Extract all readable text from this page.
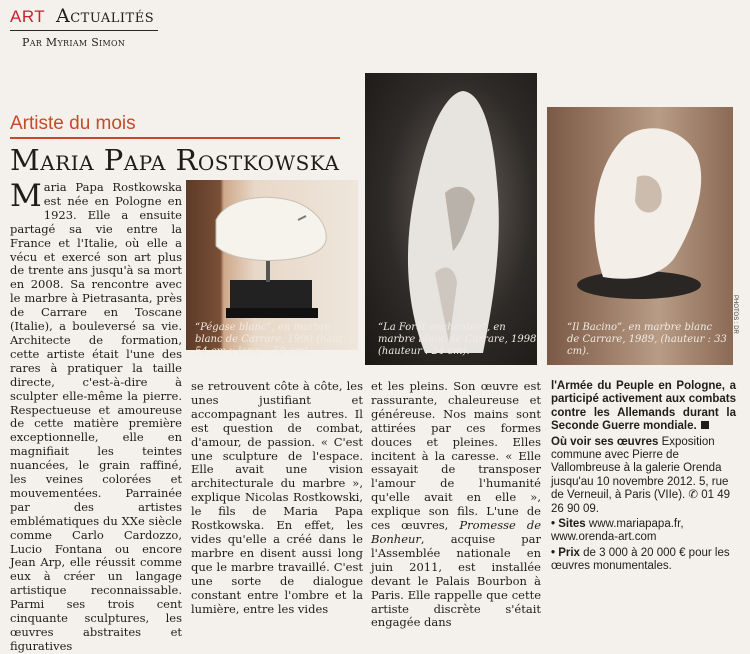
ART Actualités
Par Myriam Simon
Artiste du mois
Maria Papa Rostkowska
“Pégase blanc”, en marbre blanc de Carrare, 1990 (haut. : 54 cm x long. : 50 cm).
“La Forêt enchantée”, en marbre blanc de Carrare, 1998 (hauteur : 24 cm).
“Il Bacino”, en marbre blanc de Carrare, 1989, (hauteur : 33 cm).
PHOTOS : DR

Maria Papa Rostkowska est née en Pologne en 1923. Elle a ensuite partagé sa vie entre la France et l'Italie, où elle a vécu et exercé son art plus de trente ans jusqu'à sa mort en 2008. Sa rencontre avec le marbre à Pietrasanta, près de Carrare en Toscane (Italie), a bouleversé sa vie. Architecte de formation, cette artiste était l'une des rares à pratiquer la taille directe, c'est-à-dire à sculpter elle-même la pierre. Respectueuse et amoureuse de cette matière première exceptionnelle, elle en magnifiait les teintes nuancées, le grain raffiné, les veines colorées et mouvementées. Parrainée par des artistes emblématiques du XXe siècle comme Carlo Cardozzo, Lucio Fontana ou encore Jean Arp, elle réussit comme eux à créer un langage artistique reconnaissable. Parmi ses trois cent cinquante sculptures, les œuvres abstraites et figuratives

se retrouvent côte à côte, les unes justifiant et accompagnant les autres. Il est question de combat, d'amour, de passion. « C'est une sculpture de l'espace. Elle avait une vision architecturale du marbre », explique Nicolas Rostkowski, le fils de Maria Papa Rostkowska. En effet, les vides qu'elle a créé dans le marbre en disent aussi long que le marbre travaillé. C'est une sorte de dialogue constant entre l'ombre et la lumière, entre les vides

et les pleins. Son œuvre est rassurante, chaleureuse et généreuse. Nos mains sont attirées par ces formes douces et pleines. Elles incitent à la caresse. « Elle essayait de transposer l'amour de l'humanité qu'elle avait en elle », explique son fils. L'une de ces œuvres, Promesse de Bonheur, acquise par l'Assemblée nationale en juin 2011, est installée devant le Palais Bourbon à Paris. Elle rappelle que cette artiste discrète s'était engagée dans

l'Armée du Peuple en Pologne, a participé activement aux combats contre les Allemands durant la Seconde Guerre mondiale.

Où voir ses œuvres Exposition commune avec Pierre de Vallombreuse à la galerie Orenda jusqu'au 10 novembre 2012. 5, rue de Verneuil, à Paris (VIIe). ✆ 01 49 26 90 09.

• Sites www.mariapapa.fr, www.orenda-art.com

• Prix de 3 000 à 20 000 € pour les œuvres monumentales.
